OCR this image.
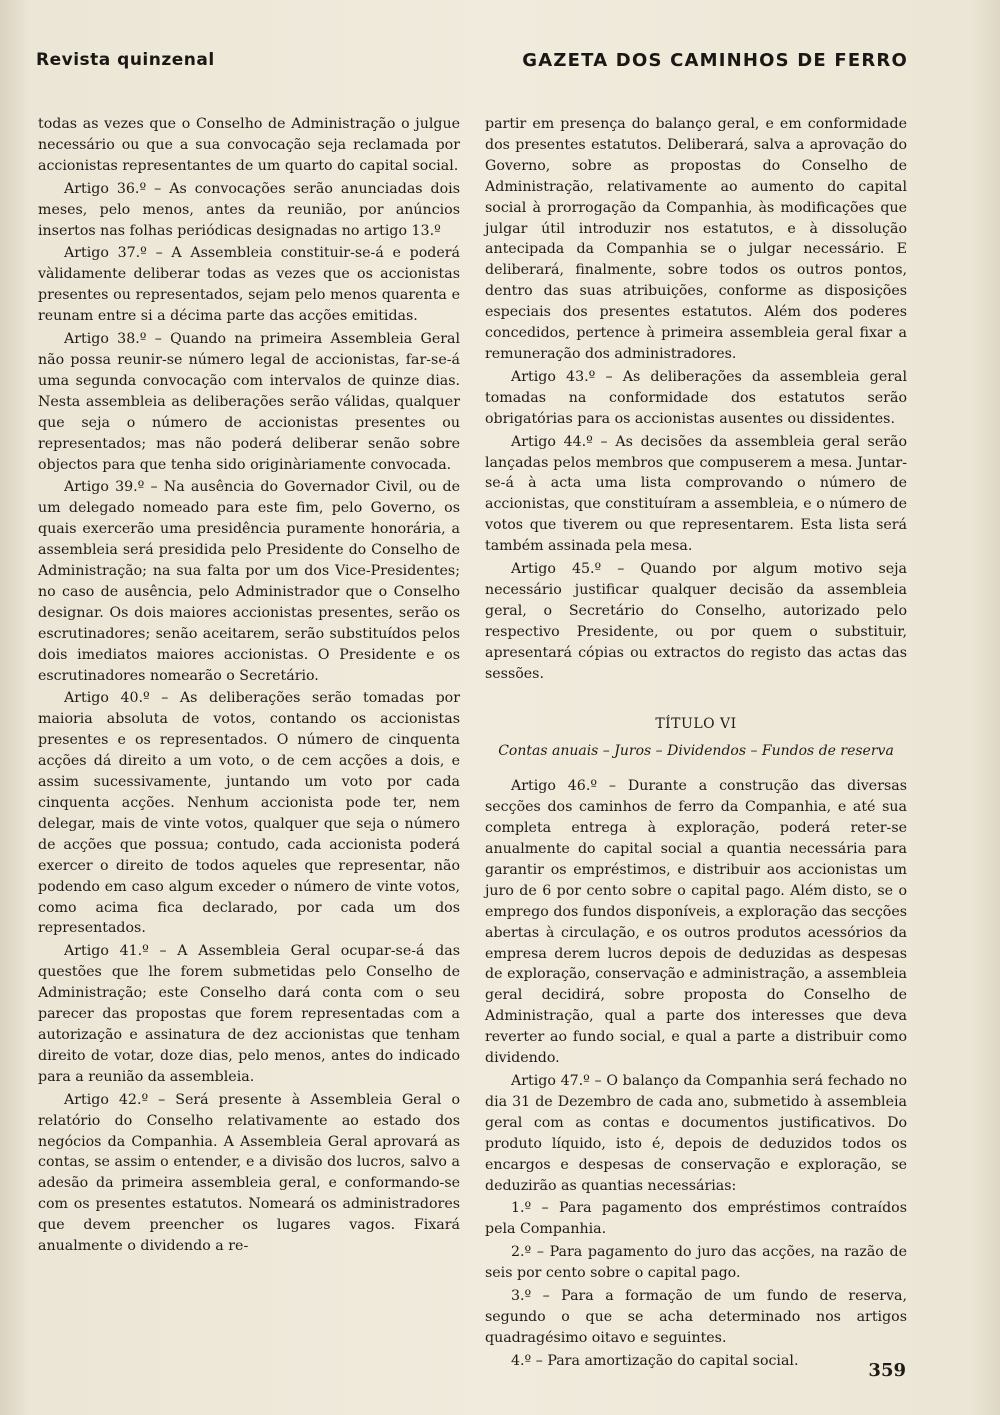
Revista quinzenal	GAZETA DOS CAMINHOS DE FERRO

todas as vezes que o Conselho de Administração o julgue necessário ou que a sua convocação seja reclamada por accionistas representantes de um quarto do capital social.

Artigo 36.º – As convocações serão anunciadas dois meses, pelo menos, antes da reunião, por anúncios insertos nas folhas periódicas designadas no artigo 13.º

Artigo 37.º – A Assembleia constituir-se-á e poderá vàlidamente deliberar todas as vezes que os accionistas presentes ou representados, sejam pelo menos quarenta e reunam entre si a décima parte das acções emitidas.

Artigo 38.º – Quando na primeira Assembleia Geral não possa reunir-se número legal de accionistas, far-se-á uma segunda convocação com intervalos de quinze dias. Nesta assembleia as deliberações serão válidas, qualquer que seja o número de accionistas presentes ou representados; mas não poderá deliberar senão sobre objectos para que tenha sido originàriamente convocada.

Artigo 39.º – Na ausência do Governador Civil, ou de um delegado nomeado para este fim, pelo Governo, os quais exercerão uma presidência puramente honorária, a assembleia será presidida pelo Presidente do Conselho de Administração; na sua falta por um dos Vice-Presidentes; no caso de ausência, pelo Administrador que o Conselho designar. Os dois maiores accionistas presentes, serão os escrutinadores; senão aceitarem, serão substituídos pelos dois imediatos maiores accionistas. O Presidente e os escrutinadores nomearão o Secretário.

Artigo 40.º – As deliberações serão tomadas por maioria absoluta de votos, contando os accionistas presentes e os representados. O número de cinquenta acções dá direito a um voto, o de cem acções a dois, e assim sucessivamente, juntando um voto por cada cinquenta acções. Nenhum accionista pode ter, nem delegar, mais de vinte votos, qualquer que seja o número de acções que possua; contudo, cada accionista poderá exercer o direito de todos aqueles que representar, não podendo em caso algum exceder o número de vinte votos, como acima fica declarado, por cada um dos representados.

Artigo 41.º – A Assembleia Geral ocupar-se-á das questões que lhe forem submetidas pelo Conselho de Administração; este Conselho dará conta com o seu parecer das propostas que forem representadas com a autorização e assinatura de dez accionistas que tenham direito de votar, doze dias, pelo menos, antes do indicado para a reunião da assembleia.

Artigo 42.º – Será presente à Assembleia Geral o relatório do Conselho relativamente ao estado dos negócios da Companhia. A Assembleia Geral aprovará as contas, se assim o entender, e a divisão dos lucros, salvo a adesão da primeira assembleia geral, e conformando-se com os presentes estatutos. Nomeará os administradores que devem preencher os lugares vagos. Fixará anualmente o dividendo a re-

partir em presença do balanço geral, e em conformidade dos presentes estatutos. Deliberará, salva a aprovação do Governo, sobre as propostas do Conselho de Administração, relativamente ao aumento do capital social à prorrogação da Companhia, às modificações que julgar útil introduzir nos estatutos, e à dissolução antecipada da Companhia se o julgar necessário. E deliberará, finalmente, sobre todos os outros pontos, dentro das suas atribuições, conforme as disposições especiais dos presentes estatutos. Além dos poderes concedidos, pertence à primeira assembleia geral fixar a remuneração dos administradores.

Artigo 43.º – As deliberações da assembleia geral tomadas na conformidade dos estatutos serão obrigatórias para os accionistas ausentes ou dissidentes.

Artigo 44.º – As decisões da assembleia geral serão lançadas pelos membros que compuserem a mesa. Juntar-se-á à acta uma lista comprovando o número de accionistas, que constituíram a assembleia, e o número de votos que tiverem ou que representarem. Esta lista será também assinada pela mesa.

Artigo 45.º – Quando por algum motivo seja necessário justificar qualquer decisão da assembleia geral, o Secretário do Conselho, autorizado pelo respectivo Presidente, ou por quem o substituir, apresentará cópias ou extractos do registo das actas das sessões.

TÍTULO VI
Contas anuais – Juros – Dividendos – Fundos de reserva

Artigo 46.º – Durante a construção das diversas secções dos caminhos de ferro da Companhia, e até sua completa entrega à exploração, poderá reter-se anualmente do capital social a quantia necessária para garantir os empréstimos, e distribuir aos accionistas um juro de 6 por cento sobre o capital pago. Além disto, se o emprego dos fundos disponíveis, a exploração das secções abertas à circulação, e os outros produtos acessórios da empresa derem lucros depois de deduzidas as despesas de exploração, conservação e administração, a assembleia geral decidirá, sobre proposta do Conselho de Administração, qual a parte dos interesses que deva reverter ao fundo social, e qual a parte a distribuir como dividendo.

Artigo 47.º – O balanço da Companhia será fechado no dia 31 de Dezembro de cada ano, submetido à assembleia geral com as contas e documentos justificativos. Do produto líquido, isto é, depois de deduzidos todos os encargos e despesas de conservação e exploração, se deduzirão as quantias necessárias:

1.º – Para pagamento dos empréstimos contraídos pela Companhia.

2.º – Para pagamento do juro das acções, na razão de seis por cento sobre o capital pago.

3.º – Para a formação de um fundo de reserva, segundo o que se acha determinado nos artigos quadragésimo oitavo e seguintes.

4.º – Para amortização do capital social.	359
